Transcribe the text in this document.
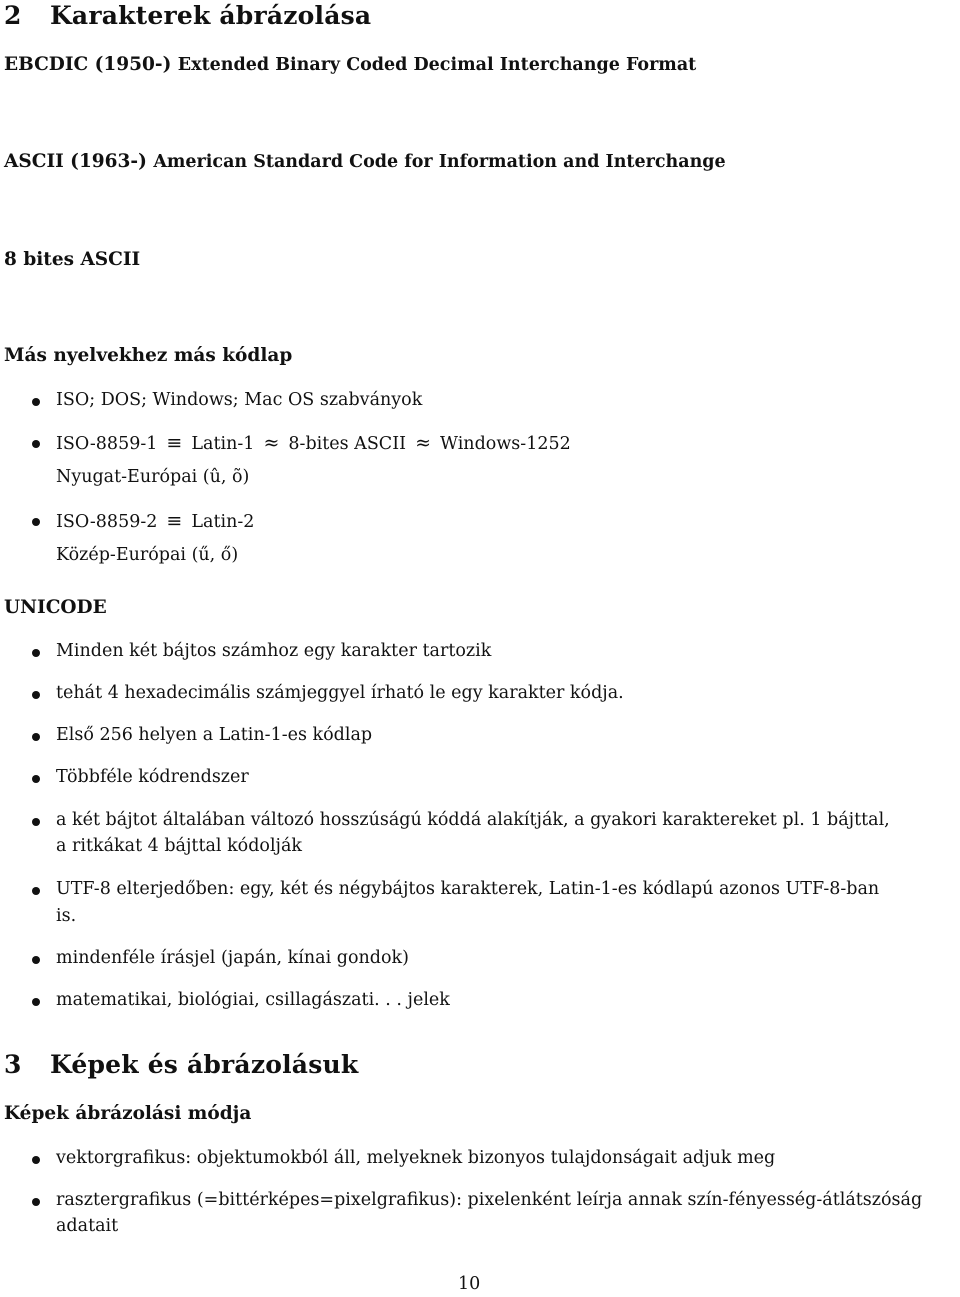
2 Karakterek ábrázolása
EBCDIC (1950-) Extended Binary Coded Decimal Interchange Format
ASCII (1963-) American Standard Code for Information and Interchange
8 bites ASCII
Más nyelvekhez más kódlap
ISO; DOS; Windows; Mac OS szabványok
ISO-8859-1 ≡ Latin-1 ≈ 8-bites ASCII ≈ Windows-1252
Nyugat-Európai (û, õ)
ISO-8859-2 ≡ Latin-2
Közép-Európai (ű, ő)
UNICODE
Minden két bájtos számhoz egy karakter tartozik
tehát 4 hexadecimális számjeggyel írható le egy karakter kódja.
Első 256 helyen a Latin-1-es kódlap
Többféle kódrendszer
a két bájtot általában változó hosszúságú kóddá alakítják, a gyakori karaktereket pl. 1 bájttal,
a ritkákat 4 bájttal kódolják
UTF-8 elterjedőben: egy, két és négybájtos karakterek, Latin-1-es kódlapú azonos UTF-8-ban
is.
mindenféle írásjel (japán, kínai gondok)
matematikai, biológiai, csillagászati. . . jelek
3 Képek és ábrázolásuk
Képek ábrázolási módja
vektorgrafikus: objektumokból áll, melyeknek bizonyos tulajdonságait adjuk meg
rasztergrafikus (=bittérképes=pixelgrafikus): pixelenként leírja annak szín-fényesség-átlátszóság
adatait
10
